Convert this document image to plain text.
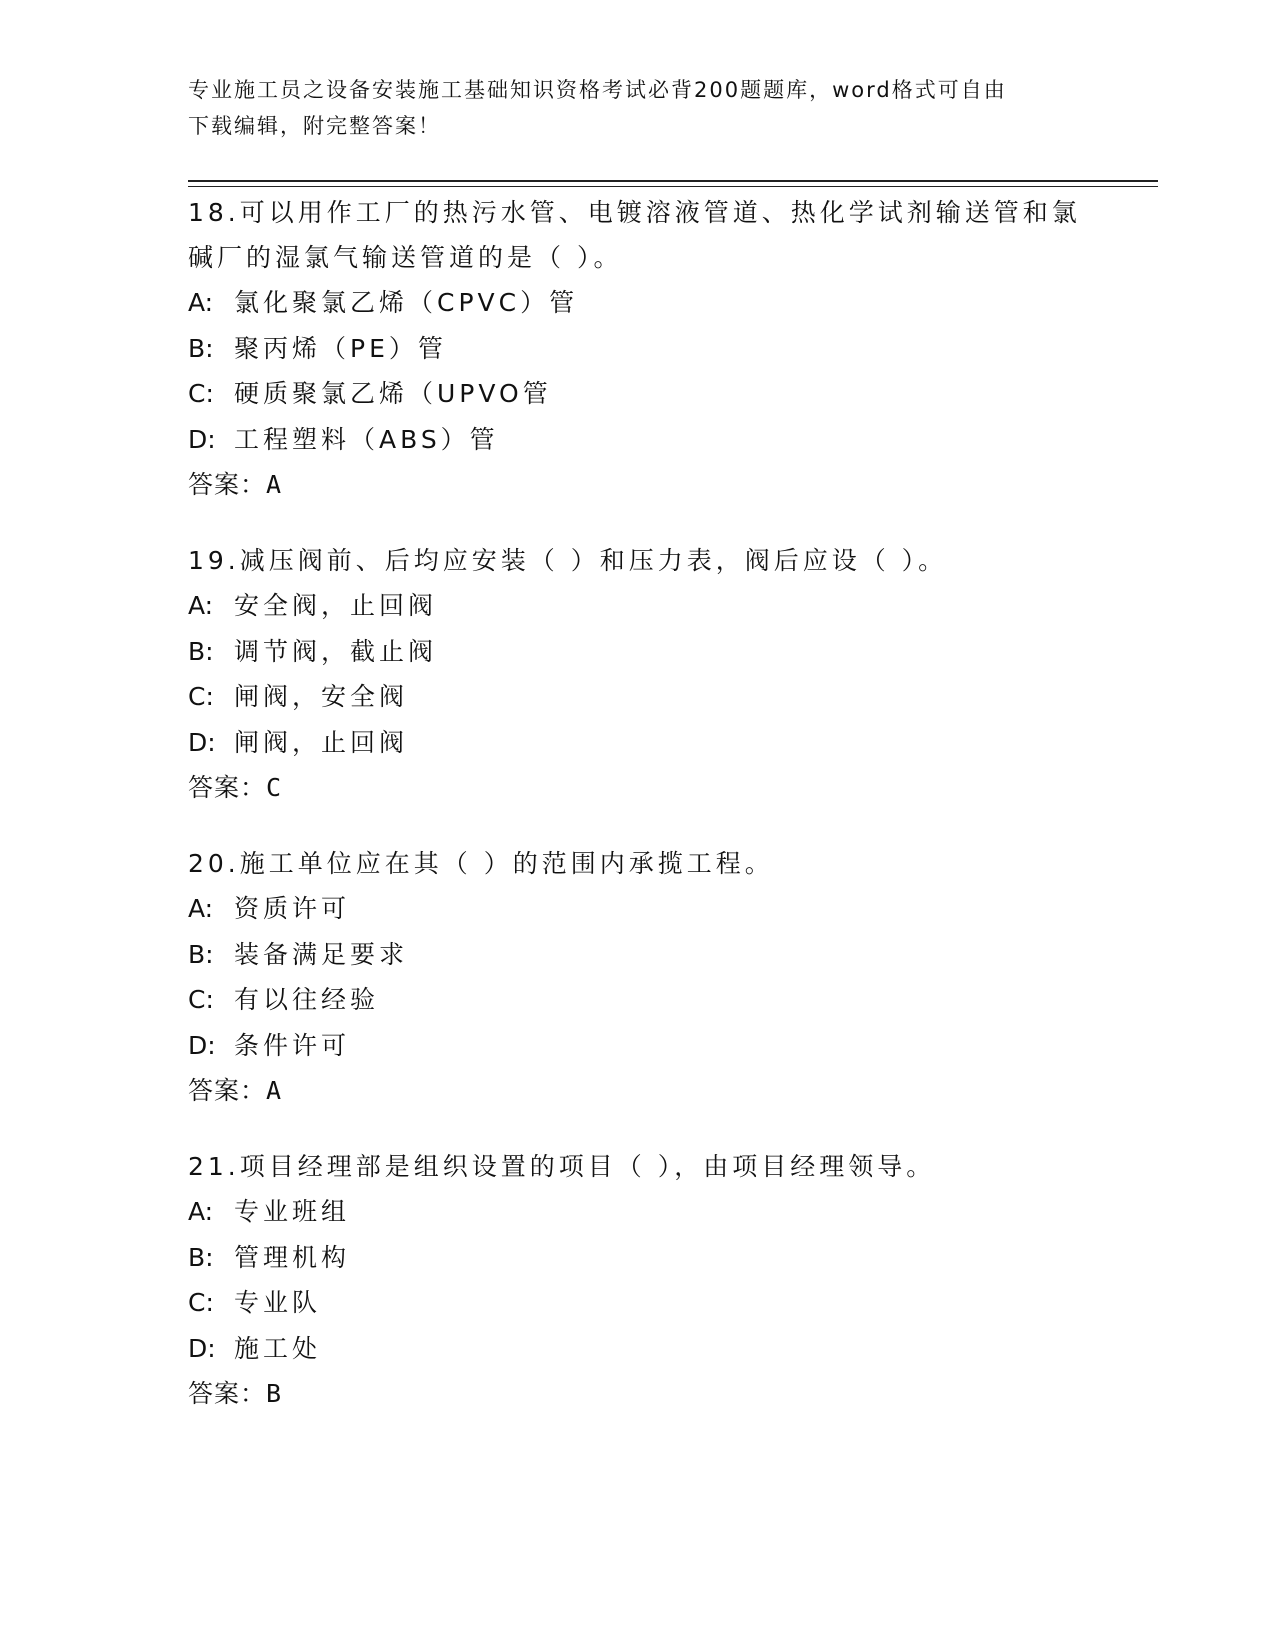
专业施工员之设备安装施工基础知识资格考试必背200题题库，word格式可自由
下载编辑，附完整答案！

18.可以用作工厂的热污水管、电镀溶液管道、热化学试剂输送管和氯
碱厂的湿氯气输送管道的是（ ）。

A: 氯化聚氯乙烯（CPVC）管

B: 聚丙烯（PE）管

C: 硬质聚氯乙烯（UPVO管

D: 工程塑料（ABS）管

答案：A

19.减压阀前、后均应安装（ ）和压力表，阀后应设（ ）。

A: 安全阀，止回阀

B: 调节阀，截止阀

C: 闸阀，安全阀

D: 闸阀，止回阀

答案：C

20.施工单位应在其（ ）的范围内承揽工程。

A: 资质许可

B: 装备满足要求

C: 有以往经验

D: 条件许可

答案：A

21.项目经理部是组织设置的项目（ ），由项目经理领导。

A: 专业班组

B: 管理机构

C: 专业队

D: 施工处

答案：B
